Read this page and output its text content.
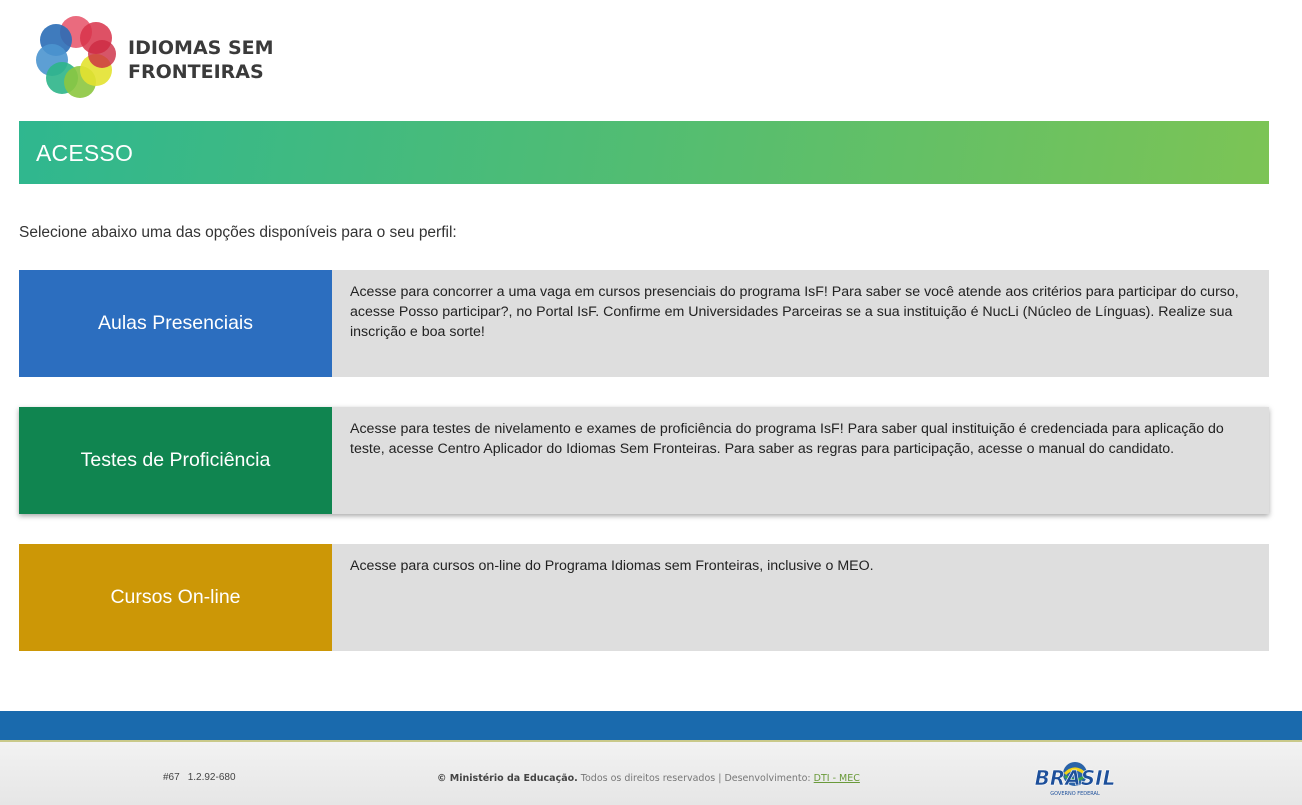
IDIOMAS SEM
FRONTEIRAS
ACESSO
Selecione abaixo uma das opções disponíveis para o seu perfil:
Aulas Presenciais
Acesse para concorrer a uma vaga em cursos presenciais do programa IsF! Para saber se você atende aos critérios para participar do curso, acesse Posso participar?, no Portal IsF. Confirme em Universidades Parceiras se a sua instituição é NucLi (Núcleo de Línguas). Realize sua inscrição e boa sorte!
Testes de Proficiência
Acesse para testes de nivelamento e exames de proficiência do programa IsF! Para saber qual instituição é credenciada para aplicação do teste, acesse Centro Aplicador do Idiomas Sem Fronteiras. Para saber as regras para participação, acesse o manual do candidato.
Cursos On-line
Acesse para cursos on-line do Programa Idiomas sem Fronteiras, inclusive o MEO.
#67 1.2.92-680	© Ministério da Educação. Todos os direitos reservados | Desenvolvimento: DTI - MEC	BRASIL
GOVERNO FEDERAL
